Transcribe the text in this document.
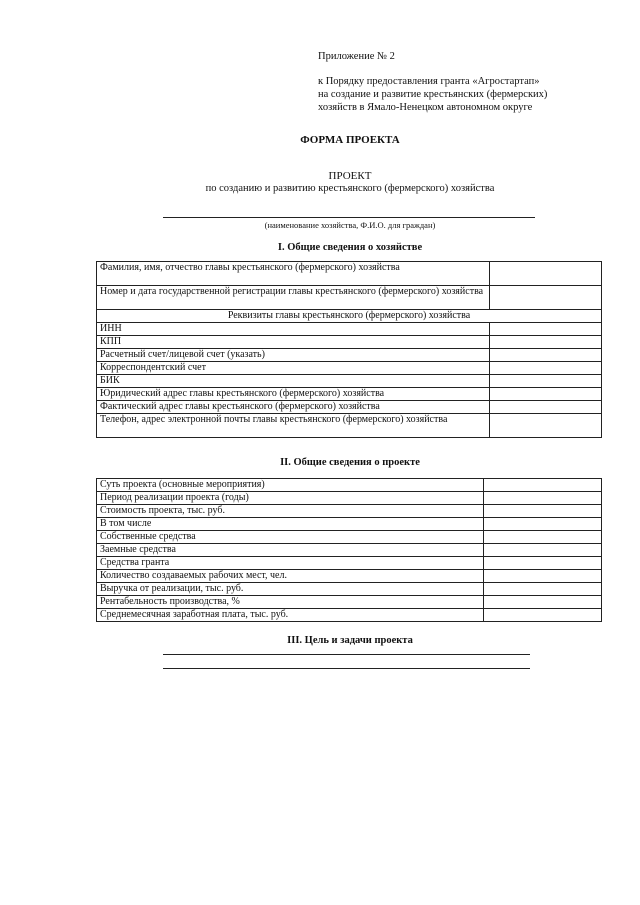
Приложение № 2
к Порядку предоставления гранта «Агростартап»
на создание и развитие крестьянских (фермерских)
хозяйств в Ямало-Ненецком автономном округе
ФОРМА ПРОЕКТА
ПРОЕКТ
по созданию и развитию крестьянского (фермерского) хозяйства
(наименование хозяйства, Ф.И.О. для граждан)
I. Общие сведения о хозяйстве
Фамилия, имя, отчество главы крестьянского (фермерского) хозяйства	
Номер и дата государственной регистрации главы крестьянского (фермерского) хозяйства	
Реквизиты главы крестьянского (фермерского) хозяйства	
ИНН	
КПП	
Расчетный счет/лицевой счет (указать)	
Корреспондентский счет	
БИК	
Юридический адрес главы крестьянского (фермерского) хозяйства	
Фактический адрес главы крестьянского (фермерского) хозяйства	
Телефон, адрес электронной почты главы крестьянского (фермерского) хозяйства	
II. Общие сведения о проекте
Суть проекта (основные мероприятия)	
Период реализации проекта (годы)	
Стоимость проекта, тыс. руб.	
В том числе	
Собственные средства	
Заемные средства	
Средства гранта	
Количество создаваемых рабочих мест, чел.	
Выручка от реализации, тыс. руб.	
Рентабельность производства, %	
Среднемесячная заработная плата, тыс. руб.	
III. Цель и задачи проекта
